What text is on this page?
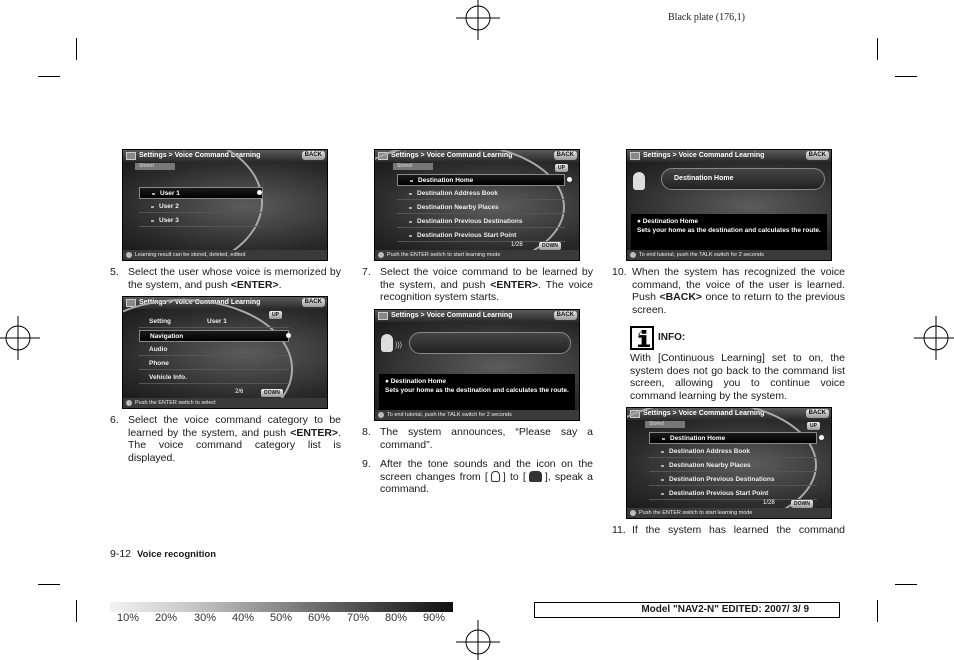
Black plate (176,1)
Settings > Voice Command Learning	BACK
Stored
User 1
User 2
User 3
Learning result can be stored, deleted, edited
Settings > Voice Command Learning	BACK
UP
Setting	User 1
Navigation
Audio
Phone
Vehicle Info.
2/6	DOWN
Push the ENTER switch to select
Settings > Voice Command Learning	BACK
Stored	UP
Destination Home
Destination Address Book
Destination Nearby Places
Destination Previous Destinations
Destination Previous Start Point
1/28	DOWN
Push the ENTER switch to start learning mode
Settings > Voice Command Learning	BACK
)))
● Destination Home
Sets your home as the destination and calculates the route.
To end tutorial, push the TALK switch for 2 seconds
Settings > Voice Command Learning	BACK
Destination Home
● Destination Home
Sets your home as the destination and calculates the route.
To end tutorial, push the TALK switch for 2 seconds
Settings > Voice Command Learning	BACK
Stored	UP
Destination Home
Destination Address Book
Destination Nearby Places
Destination Previous Destinations
Destination Previous Start Point
1/28	DOWN
Push the ENTER switch to start learning mode
5. Select the user whose voice is memorized by the system, and push <ENTER>.
6. Select the voice command category to be learned by the system, and push <ENTER>. The voice command category list is displayed.
7. Select the voice command to be learned by the system, and push <ENTER>. The voice recognition system starts.
8. The system announces, “Please say a command”.
9. After the tone sounds and the icon on the screen changes from [ ] to [ ], speak a command.
10. When the system has recognized the voice command, the voice of the user is learned. Push <BACK> once to return to the previous screen.
INFO:
With [Continuous Learning] set to on, the system does not go back to the command list screen, allowing you to continue voice command learning by the system.
11. If the system has learned the command
9-12 Voice recognition
10% 20% 30% 40% 50% 60% 70% 80% 90%
Model "NAV2-N" EDITED: 2007/ 3/ 9
